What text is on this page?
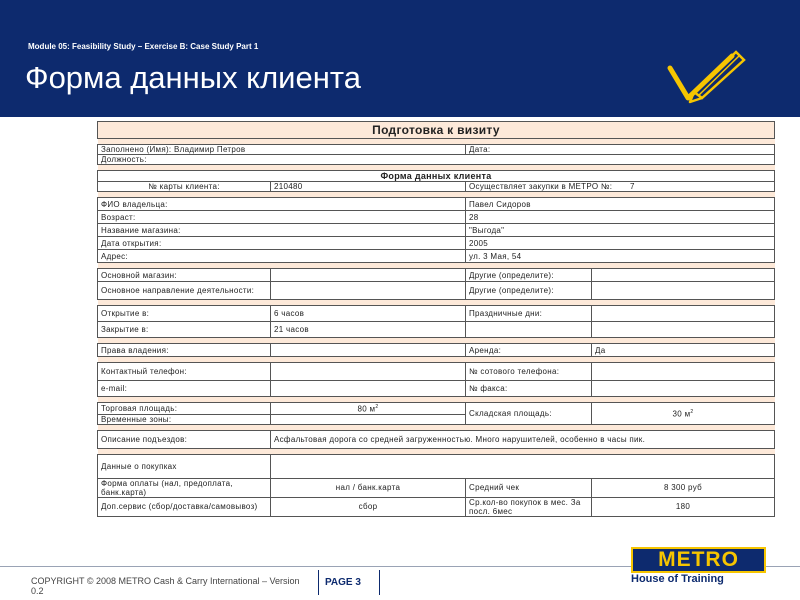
Module 05: Feasibility Study – Exercise B: Case Study Part 1
Форма данных клиента
Подготовка к визиту			

Заполнено (Имя): Владимир Петров		Дата:	
Должность:			

Форма данных клиента			
№ карты клиента:	210480	Осуществляет закупки в МЕТРО №: 7	

ФИО владельца:		Павел Сидоров	
Возраст:		28	
Название магазина:		"Выгода"	
Дата открытия:		2005	
Адрес:		ул. 3 Мая, 54	

Основной магазин:		Другие (определите):	
Основное направление деятельности:		Другие (определите):	

Открытие в:	6 часов	Праздничные дни:	
Закрытие в:	21 часов		

Права владения:		Аренда:	Да

Контактный телефон:		№ сотового телефона:	
e-mail:		№ факса:	

Торговая площадь:	80 $м^2$	Складская площадь:	30 $м^2$
Временные зоны:			

Описание подъездов:	Асфальтовая дорога со средней загруженностью. Много нарушителей, особенно в часы пик.		

Данные о покупках			
Форма оплаты (нал, предоплата, банк.карта)	нал / банк.карта	Средний чек	8 300 руб
Доп.сервис (сбор/доставка/самовывоз)	сбор	Ср.кол-во покупок в мес. За посл. 6мес	180
COPYRIGHT © 2008 METRO Cash & Carry International – Version 0.2
PAGE 3
METRO
House of Training
